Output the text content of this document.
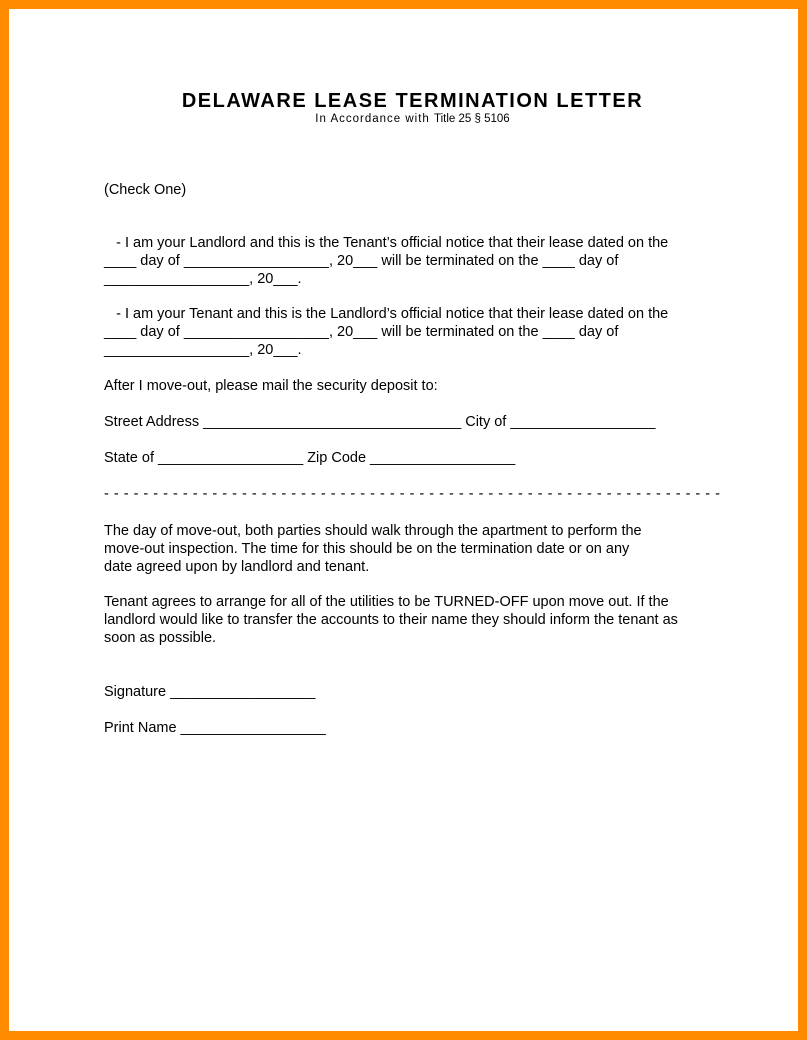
DELAWARE LEASE TERMINATION LETTER
In Accordance with Title 25 § 5106
(Check One)
- I am your Landlord and this is the Tenant’s official notice that their lease dated on the
____ day of __________________, 20___ will be terminated on the ____ day of
__________________, 20___.
- I am your Tenant and this is the Landlord’s official notice that their lease dated on the
____ day of __________________, 20___ will be terminated on the ____ day of
__________________, 20___.
After I move-out, please mail the security deposit to:
Street Address ________________________________ City of __________________
State of __________________ Zip Code __________________
- - - - - - - - - - - - - - - - - - - - - - - - - - - - - - - - - - - - - - - - - - - - - - - - - - - - - - - - - - - - - - -
The day of move-out, both parties should walk through the apartment to perform the
move-out inspection. The time for this should be on the termination date or on any
date agreed upon by landlord and tenant.
Tenant agrees to arrange for all of the utilities to be TURNED-OFF upon move out. If the
landlord would like to transfer the accounts to their name they should inform the tenant as
soon as possible.
Signature __________________
Print Name __________________
